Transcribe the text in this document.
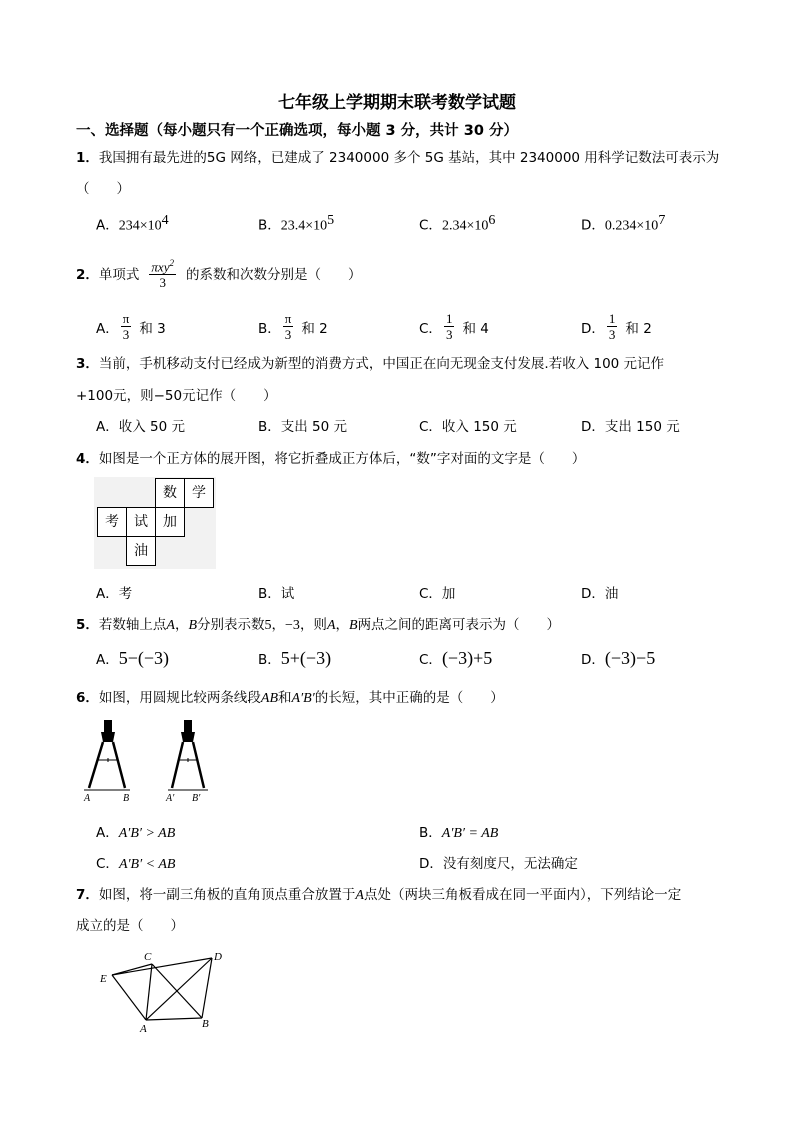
七年级上学期期末联考数学试题
一、选择题（每小题只有一个正确选项，每小题 3 分，共计 30 分）
1．我国拥有最先进的5G 网络，已建成了 2340000 多个 5G 基站，其中 2340000 用科学记数法可表示为
（　　）
A．$234\times 10^4$	B．$23.4\times 10^5$	C．$2.34\times 10^6$	D．$0.234\times 10^7$
2． 单项式 $\frac{\pi xy^2}{3}$ 的系数和次数分别是（　　）
A． $\frac{\pi}{3}$ 和 3	B． $\frac{\pi}{3}$ 和 2	C． $\frac{1}{3}$ 和 4	D． $\frac{1}{3}$ 和 2
3．当前，手机移动支付已经成为新型的消费方式，中国正在向无现金支付发展.若收入 100 元记作
+100元，则−50元记作（　　）
A．收入 50 元	B．支出 50 元	C．收入 150 元	D．支出 150 元
4．如图是一个正方体的展开图，将它折叠成正方体后，“数”字对面的文字是（　　）
数	学
考	试	加
油
A．考	B．试	C．加	D．油
5．若数轴上点A，B分别表示数5，−3，则A，B两点之间的距离可表示为（　　）
A．5−(−3)	B．5+(−3)	C．(−3)+5	D．(−3)−5
6．如图，用圆规比较两条线段AB和A′B′的长短，其中正确的是（　　）
A	B	A′ B′
A．A′B′ > AB	B．A′B′ = AB
C．A′B′ < AB	D．没有刻度尺，无法确定
7．如图，将一副三角板的直角顶点重合放置于A点处（两块三角板看成在同一平面内），下列结论一定
成立的是（　　）
C	D
E
A	B
